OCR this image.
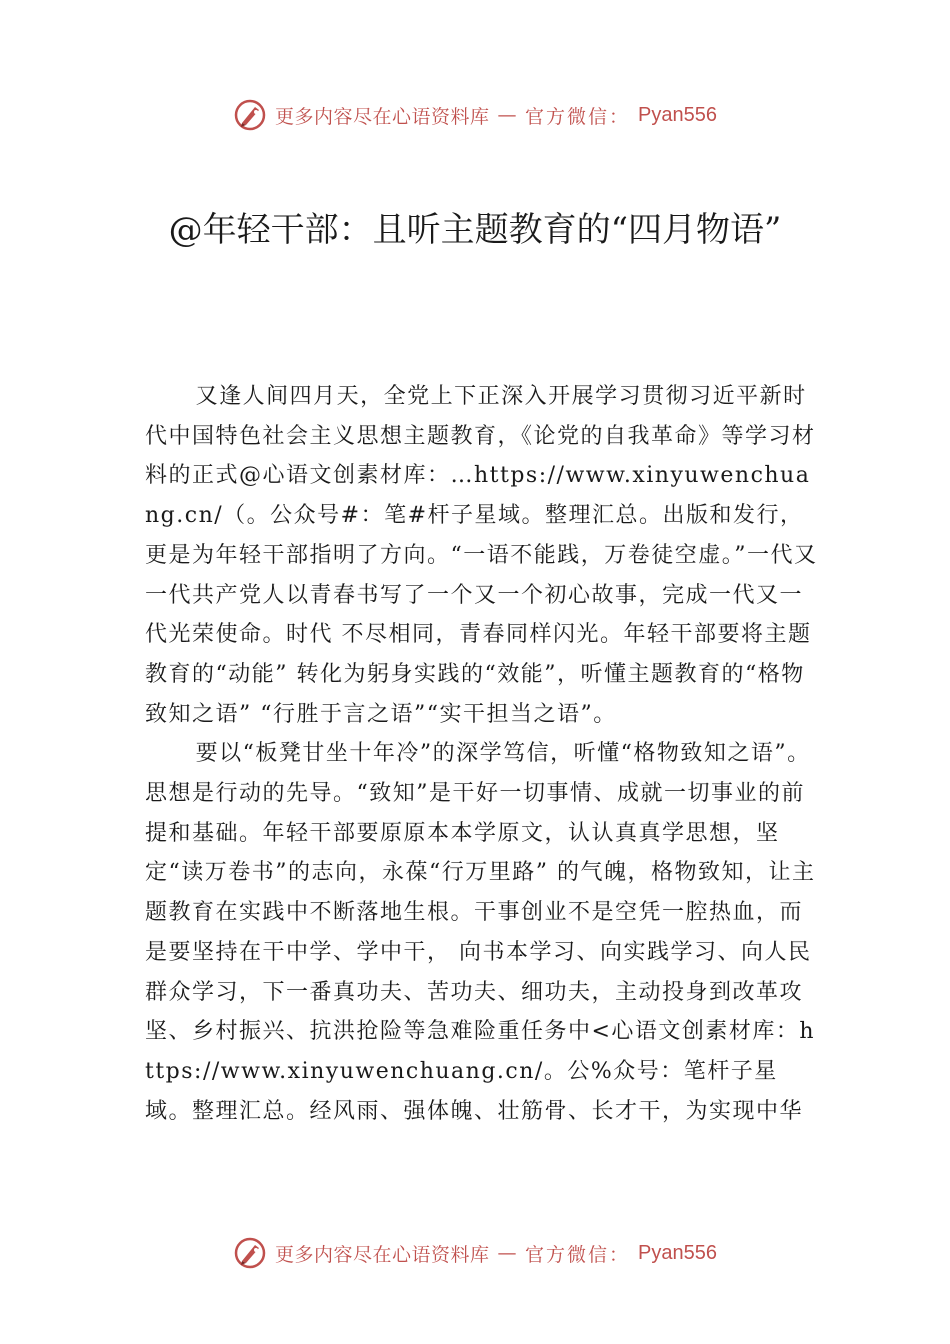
更多内容尽在心语资料库 — 官方微信： Pyan556
@年轻干部：且听主题教育的“四月物语”

又逢人间四月天，全党上下正深入开展学习贯彻习近平新时代中国特色社会主义思想主题教育，《论党的自我革命》等学习材料的正式@心语文创素材库：…https://www.xinyuwenchuang.cn/（。公众号#：笔#杆子星域。整理汇总。出版和发行，更是为年轻干部指明了方向。“一语不能践，万卷徒空虚。”一代又一代共产党人以青春书写了一个又一个初心故事，完成一代又一代光荣使命。时代 不尽相同，青春同样闪光。年轻干部要将主题教育的“动能” 转化为躬身实践的“效能”，听懂主题教育的“格物致知之语” “行胜于言之语”“实干担当之语”。

要以“板凳甘坐十年冷”的深学笃信，听懂“格物致知之语”。思想是行动的先导。“致知”是干好一切事情、成就一切事业的前提和基础。年轻干部要原原本本学原文，认认真真学思想，坚定“读万卷书”的志向，永葆“行万里路” 的气魄，格物致知，让主题教育在实践中不断落地生根。干事创业不是空凭一腔热血，而是要坚持在干中学、学中干， 向书本学习、向实践学习、向人民群众学习，下一番真功夫、苦功夫、细功夫，主动投身到改革攻坚、乡村振兴、抗洪抢险等急难险重任务中<心语文创素材库：https://www.xinyuwenchuang.cn/。公%众号：笔杆子星域。整理汇总。经风雨、强体魄、壮筋骨、长才干，为实现中华

更多内容尽在心语资料库 — 官方微信： Pyan556
